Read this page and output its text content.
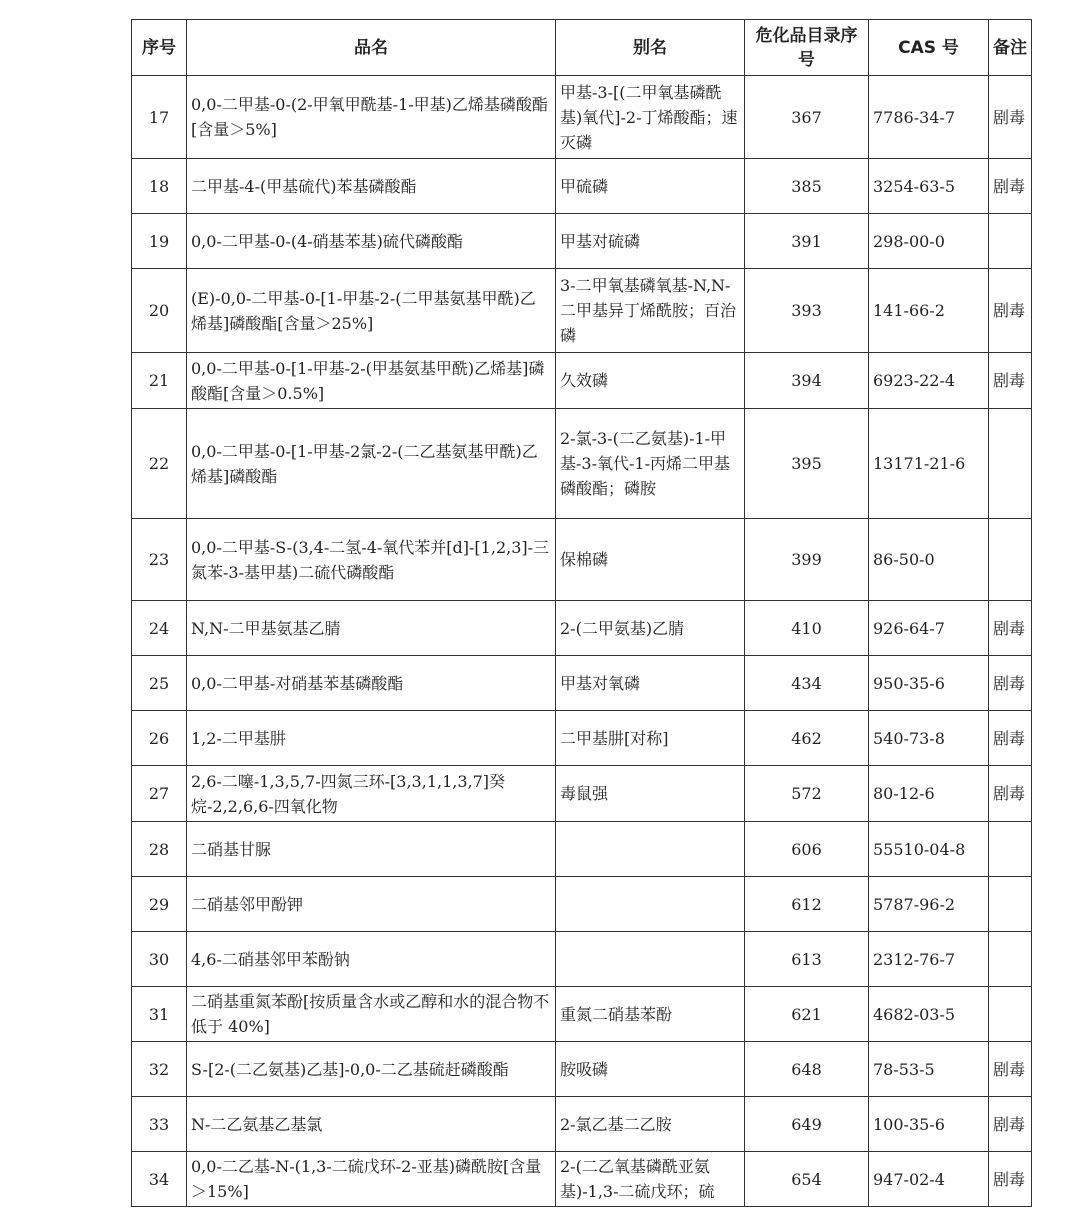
序号	品名	别名	危化品目录序号	CAS 号	备注
17	0,0-二甲基-0-(2-甲氧甲酰基-1-甲基)乙烯基磷酸酯[含量＞5%]	甲基-3-[(二甲氧基磷酰基)氧代]-2-丁烯酸酯；速灭磷	367	7786-34-7	剧毒
18	二甲基-4-(甲基硫代)苯基磷酸酯	甲硫磷	385	3254-63-5	剧毒
19	0,0-二甲基-0-(4-硝基苯基)硫代磷酸酯	甲基对硫磷	391	298-00-0	
20	(E)-0,0-二甲基-0-[1-甲基-2-(二甲基氨基甲酰)乙烯基]磷酸酯[含量＞25%]	3-二甲氧基磷氧基-N,N-二甲基异丁烯酰胺；百治磷	393	141-66-2	剧毒
21	0,0-二甲基-0-[1-甲基-2-(甲基氨基甲酰)乙烯基]磷酸酯[含量＞0.5%]	久效磷	394	6923-22-4	剧毒
22	0,0-二甲基-0-[1-甲基-2氯-2-(二乙基氨基甲酰)乙烯基]磷酸酯	2-氯-3-(二乙氨基)-1-甲基-3-氧代-1-丙烯二甲基磷酸酯；磷胺	395	13171-21-6	
23	0,0-二甲基-S-(3,4-二氢-4-氧代苯并[d]-[1,2,3]-三氮苯-3-基甲基)二硫代磷酸酯	保棉磷	399	86-50-0	
24	N,N-二甲基氨基乙腈	2-(二甲氨基)乙腈	410	926-64-7	剧毒
25	0,0-二甲基-对硝基苯基磷酸酯	甲基对氧磷	434	950-35-6	剧毒
26	1,2-二甲基肼	二甲基肼[对称]	462	540-73-8	剧毒
27	2,6-二噻-1,3,5,7-四氮三环-[3,3,1,1,3,7]癸烷-2,2,6,6-四氧化物	毒鼠强	572	80-12-6	剧毒
28	二硝基甘脲		606	55510-04-8	
29	二硝基邻甲酚钾		612	5787-96-2	
30	4,6-二硝基邻甲苯酚钠		613	2312-76-7	
31	二硝基重氮苯酚[按质量含水或乙醇和水的混合物不低于 40%]	重氮二硝基苯酚	621	4682-03-5	
32	S-[2-(二乙氨基)乙基]-0,0-二乙基硫赶磷酸酯	胺吸磷	648	78-53-5	剧毒
33	N-二乙氨基乙基氯	2-氯乙基二乙胺	649	100-35-6	剧毒
34	0,0-二乙基-N-(1,3-二硫戊环-2-亚基)磷酰胺[含量＞15%]	2-(二乙氧基磷酰亚氨基)-1,3-二硫戊环；硫	654	947-02-4	剧毒
